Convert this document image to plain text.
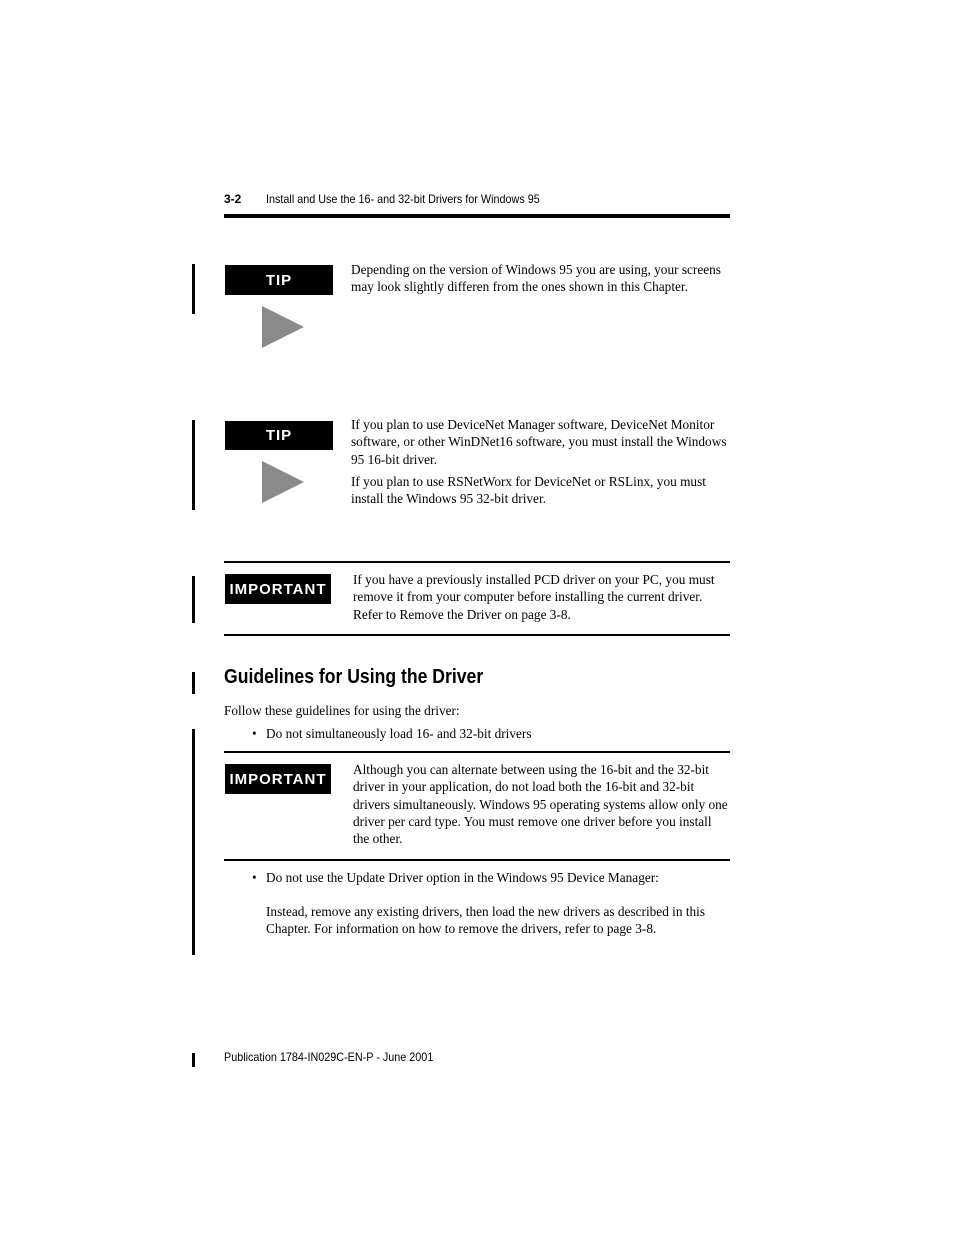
3-2 Install and Use the 16- and 32-bit Drivers for Windows 95
TIP
Depending on the version of Windows 95 you are using, your screens may look slightly differen from the ones shown in this Chapter.
TIP
If you plan to use DeviceNet Manager software, DeviceNet Monitor software, or other WinDNet16 software, you must install the Windows 95 16-bit driver.
If you plan to use RSNetWorx for DeviceNet or RSLinx, you must install the Windows 95 32-bit driver.
IMPORTANT
If you have a previously installed PCD driver on your PC, you must remove it from your computer before installing the current driver. Refer to Remove the Driver on page 3-8.
Guidelines for Using the Driver
Follow these guidelines for using the driver:
• Do not simultaneously load 16- and 32-bit drivers
IMPORTANT
Although you can alternate between using the 16-bit and the 32-bit driver in your application, do not load both the 16-bit and 32-bit drivers simultaneously. Windows 95 operating systems allow only one driver per card type. You must remove one driver before you install the other.
• Do not use the Update Driver option in the Windows 95 Device Manager:
Instead, remove any existing drivers, then load the new drivers as described in this Chapter. For information on how to remove the drivers, refer to page 3-8.
Publication 1784-IN029C-EN-P - June 2001
